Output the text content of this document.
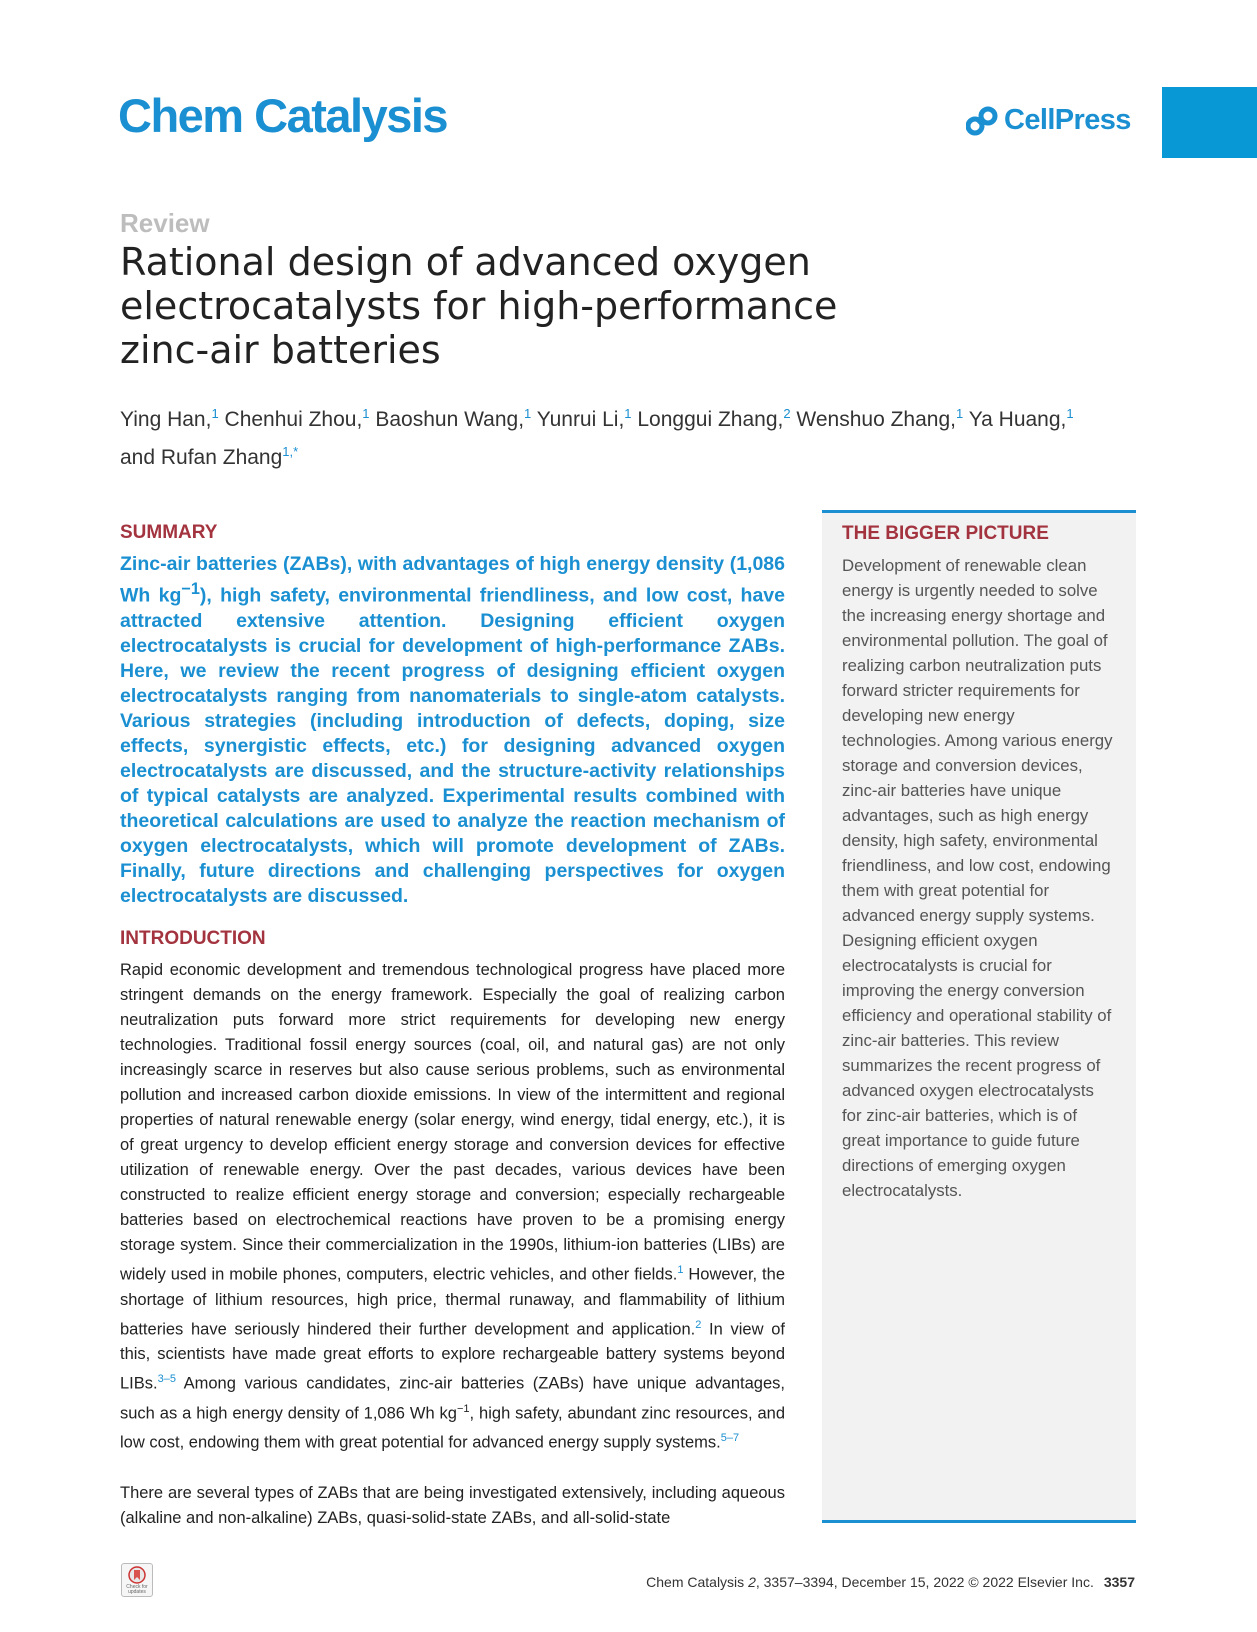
Chem Catalysis	CellPress
Review
Rational design of advanced oxygen electrocatalysts for high-performance zinc-air batteries
Ying Han,$^1$ Chenhui Zhou,$^1$ Baoshun Wang,$^1$ Yunrui Li,$^1$ Longgui Zhang,$^2$ Wenshuo Zhang,$^1$ Ya Huang,$^1$
and Rufan Zhang$^{1,*}$
SUMMARY

Zinc-air batteries (ZABs), with advantages of high energy density (1,086 Wh $kg^{-1}$), high safety, environmental friendliness, and low cost, have attracted extensive attention. Designing efficient oxygen electrocatalysts is crucial for development of high-performance ZABs. Here, we review the recent progress of designing efficient oxygen electrocatalysts ranging from nanomaterials to single-atom catalysts. Various strategies (including introduction of defects, doping, size effects, synergistic effects, etc.) for designing advanced oxygen electrocatalysts are discussed, and the structure-activity relationships of typical catalysts are analyzed. Experimental results combined with theoretical calculations are used to analyze the reaction mechanism of oxygen electrocatalysts, which will promote development of ZABs. Finally, future directions and challenging perspectives for oxygen electrocatalysts are discussed.

INTRODUCTION

Rapid economic development and tremendous technological progress have placed more stringent demands on the energy framework. Especially the goal of realizing carbon neutralization puts forward more strict requirements for developing new energy technologies. Traditional fossil energy sources (coal, oil, and natural gas) are not only increasingly scarce in reserves but also cause serious problems, such as environmental pollution and increased carbon dioxide emissions. In view of the intermittent and regional properties of natural renewable energy (solar energy, wind energy, tidal energy, etc.), it is of great urgency to develop efficient energy storage and conversion devices for effective utilization of renewable energy. Over the past decades, various devices have been constructed to realize efficient energy storage and conversion; especially rechargeable batteries based on electrochemical reactions have proven to be a promising energy storage system. Since their commercialization in the 1990s, lithium-ion batteries (LIBs) are widely used in mobile phones, computers, electric vehicles, and other fields.$^1$ However, the shortage of lithium resources, high price, thermal runaway, and flammability of lithium batteries have seriously hindered their further development and application.$^2$ In view of this, scientists have made great efforts to explore rechargeable battery systems beyond LIBs.$^{3-5}$ Among various candidates, zinc-air batteries (ZABs) have unique advantages, such as a high energy density of 1,086 Wh $kg^{-1}$, high safety, abundant zinc resources, and low cost, endowing them with great potential for advanced energy supply systems.$^{5-7}$

There are several types of ZABs that are being investigated extensively, including aqueous (alkaline and non-alkaline) ZABs, quasi-solid-state ZABs, and all-solid-state

THE BIGGER PICTURE

Development of renewable clean energy is urgently needed to solve the increasing energy shortage and environmental pollution. The goal of realizing carbon neutralization puts forward stricter requirements for developing new energy technologies. Among various energy storage and conversion devices, zinc-air batteries have unique advantages, such as high energy density, high safety, environmental friendliness, and low cost, endowing them with great potential for advanced energy supply systems. Designing efficient oxygen electrocatalysts is crucial for improving the energy conversion efficiency and operational stability of zinc-air batteries. This review summarizes the recent progress of advanced oxygen electrocatalysts for zinc-air batteries, which is of great importance to guide future directions of emerging oxygen electrocatalysts.

Check for updates
Chem Catalysis 2, 3357–3394, December 15, 2022 © 2022 Elsevier Inc. 3357
